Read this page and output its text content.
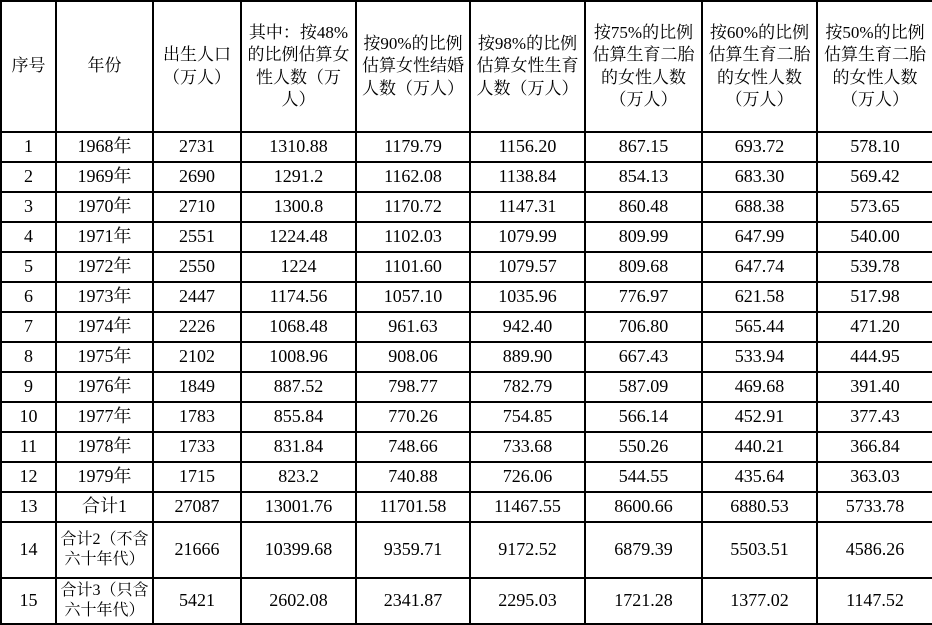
序号	年份	出生人口（万人）	其中：按48%的比例估算女性人数（万人）	按90%的比例估算女性结婚人数（万人）	按98%的比例估算女性生育人数（万人）	按75%的比例估算生育二胎的女性人数（万人）	按60%的比例估算生育二胎的女性人数（万人）	按50%的比例估算生育二胎的女性人数（万人）
1	1968年	2731	1310.88	1179.79	1156.20	867.15	693.72	578.10
2	1969年	2690	1291.2	1162.08	1138.84	854.13	683.30	569.42
3	1970年	2710	1300.8	1170.72	1147.31	860.48	688.38	573.65
4	1971年	2551	1224.48	1102.03	1079.99	809.99	647.99	540.00
5	1972年	2550	1224	1101.60	1079.57	809.68	647.74	539.78
6	1973年	2447	1174.56	1057.10	1035.96	776.97	621.58	517.98
7	1974年	2226	1068.48	961.63	942.40	706.80	565.44	471.20
8	1975年	2102	1008.96	908.06	889.90	667.43	533.94	444.95
9	1976年	1849	887.52	798.77	782.79	587.09	469.68	391.40
10	1977年	1783	855.84	770.26	754.85	566.14	452.91	377.43
11	1978年	1733	831.84	748.66	733.68	550.26	440.21	366.84
12	1979年	1715	823.2	740.88	726.06	544.55	435.64	363.03
13	合计1	27087	13001.76	11701.58	11467.55	8600.66	6880.53	5733.78
14	合计2（不含六十年代）	21666	10399.68	9359.71	9172.52	6879.39	5503.51	4586.26
15	合计3（只含六十年代）	5421	2602.08	2341.87	2295.03	1721.28	1377.02	1147.52
